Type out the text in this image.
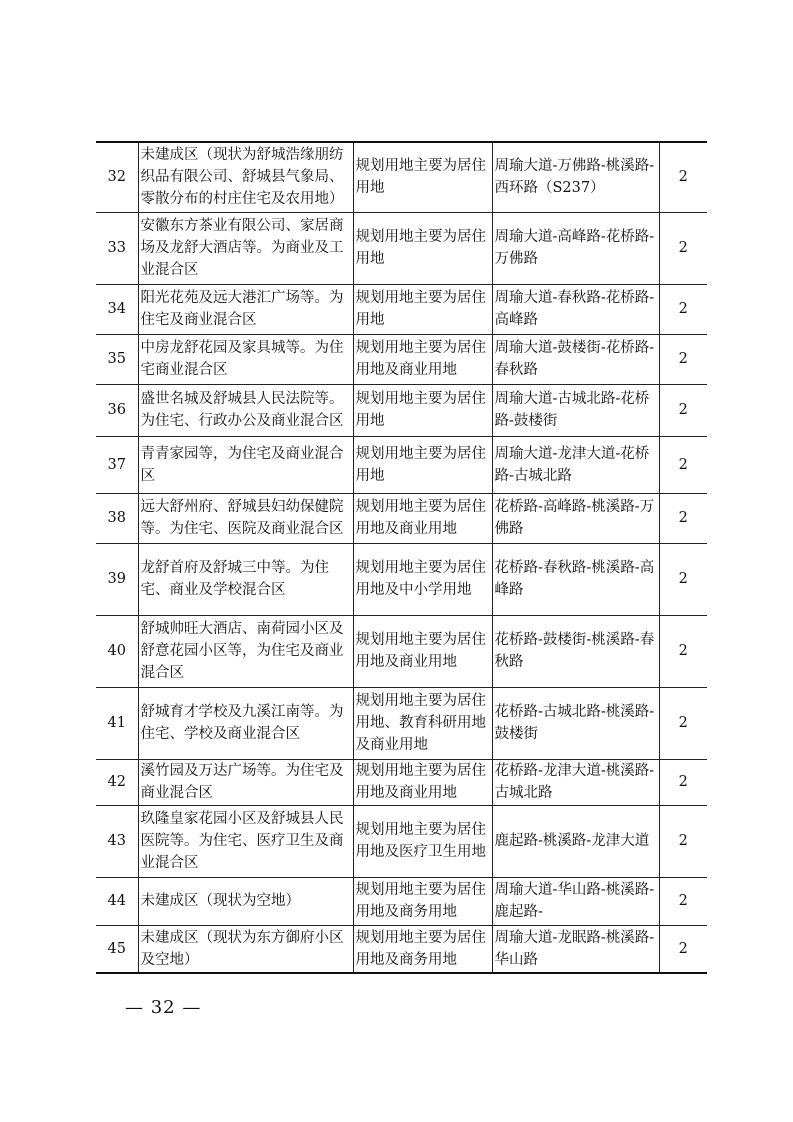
32	未建成区（现状为舒城浩缘朋纺织品有限公司、舒城县气象局、零散分布的村庄住宅及农用地）	规划用地主要为居住用地	周瑜大道-万佛路-桃溪路-西环路（S237）	2
33	安徽东方茶业有限公司、家居商场及龙舒大酒店等。为商业及工业混合区	规划用地主要为居住用地	周瑜大道-高峰路-花桥路-万佛路	2
34	阳光花苑及远大港汇广场等。为住宅及商业混合区	规划用地主要为居住用地	周瑜大道-春秋路-花桥路-高峰路	2
35	中房龙舒花园及家具城等。为住宅商业混合区	规划用地主要为居住用地及商业用地	周瑜大道-鼓楼街-花桥路-春秋路	2
36	盛世名城及舒城县人民法院等。为住宅、行政办公及商业混合区	规划用地主要为居住用地	周瑜大道-古城北路-花桥路-鼓楼街	2
37	青青家园等，为住宅及商业混合区	规划用地主要为居住用地	周瑜大道-龙津大道-花桥路-古城北路	2
38	远大舒州府、舒城县妇幼保健院等。为住宅、医院及商业混合区	规划用地主要为居住用地及商业用地	花桥路-高峰路-桃溪路-万佛路	2
39	龙舒首府及舒城三中等。为住宅、商业及学校混合区	规划用地主要为居住用地及中小学用地	花桥路-春秋路-桃溪路-高峰路	2
40	舒城帅旺大酒店、南荷园小区及舒意花园小区等，为住宅及商业混合区	规划用地主要为居住用地及商业用地	花桥路-鼓楼街-桃溪路-春秋路	2
41	舒城育才学校及九溪江南等。为住宅、学校及商业混合区	规划用地主要为居住用地、教育科研用地及商业用地	花桥路-古城北路-桃溪路-鼓楼街	2
42	溪竹园及万达广场等。为住宅及商业混合区	规划用地主要为居住用地及商业用地	花桥路-龙津大道-桃溪路-古城北路	2
43	玖隆皇家花园小区及舒城县人民医院等。为住宅、医疗卫生及商业混合区	规划用地主要为居住用地及医疗卫生用地	鹿起路-桃溪路-龙津大道	2
44	未建成区（现状为空地）	规划用地主要为居住用地及商务用地	周瑜大道-华山路-桃溪路-鹿起路-	2
45	未建成区（现状为东方御府小区及空地）	规划用地主要为居住用地及商务用地	周瑜大道-龙眠路-桃溪路-华山路	2
— 32 —
